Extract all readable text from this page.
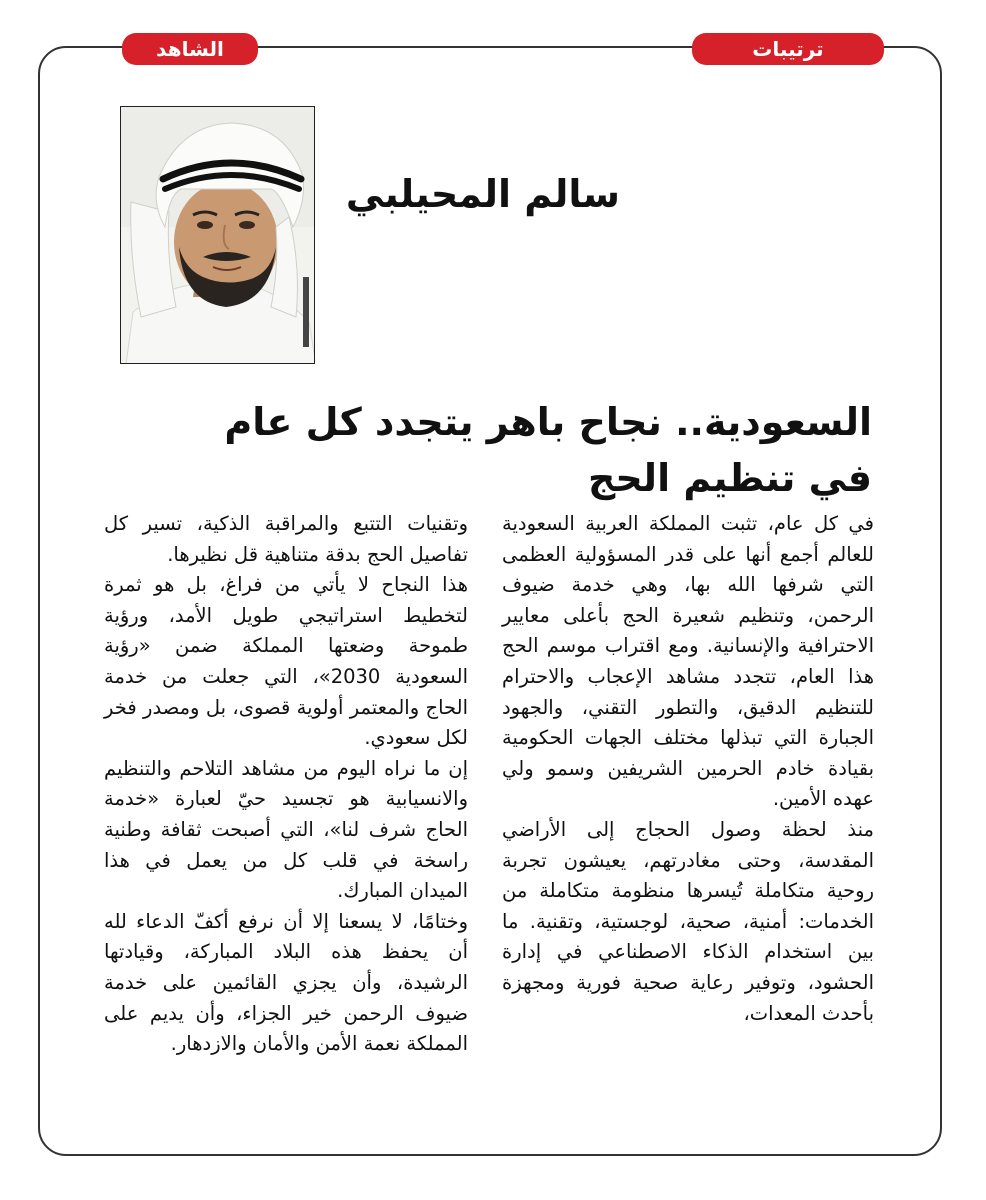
ترتيبات
الشاهد
سالم المحيلبي
السعودية.. نجاح باهر يتجدد كل عام
في تنظيم الحج

في كل عام، تثبت المملكة العربية السعودية للعالم أجمع أنها على قدر المسؤولية العظمى التي شرفها الله بها، وهي خدمة ضيوف الرحمن، وتنظيم شعيرة الحج بأعلى معايير الاحترافية والإنسانية. ومع اقتراب موسم الحج هذا العام، تتجدد مشاهد الإعجاب والاحترام للتنظيم الدقيق، والتطور التقني، والجهود الجبارة التي تبذلها مختلف الجهات الحكومية بقيادة خادم الحرمين الشريفين وسمو ولي عهده الأمين.

منذ لحظة وصول الحجاج إلى الأراضي المقدسة، وحتى مغادرتهم، يعيشون تجربة روحية متكاملة تُيسرها منظومة متكاملة من الخدمات: أمنية، صحية، لوجستية، وتقنية. ما بين استخدام الذكاء الاصطناعي في إدارة الحشود، وتوفير رعاية صحية فورية ومجهزة بأحدث المعدات،

وتقنيات التتبع والمراقبة الذكية، تسير كل تفاصيل الحج بدقة متناهية قل نظيرها.

هذا النجاح لا يأتي من فراغ، بل هو ثمرة لتخطيط استراتيجي طويل الأمد، ورؤية طموحة وضعتها المملكة ضمن «رؤية السعودية 2030»، التي جعلت من خدمة الحاج والمعتمر أولوية قصوى، بل ومصدر فخر لكل سعودي.

إن ما نراه اليوم من مشاهد التلاحم والتنظيم والانسيابية هو تجسيد حيّ لعبارة «خدمة الحاج شرف لنا»، التي أصبحت ثقافة وطنية راسخة في قلب كل من يعمل في هذا الميدان المبارك.

وختامًا، لا يسعنا إلا أن نرفع أكفّ الدعاء لله أن يحفظ هذه البلاد المباركة، وقيادتها الرشيدة، وأن يجزي القائمين على خدمة ضيوف الرحمن خير الجزاء، وأن يديم على المملكة نعمة الأمن والأمان والازدهار.
